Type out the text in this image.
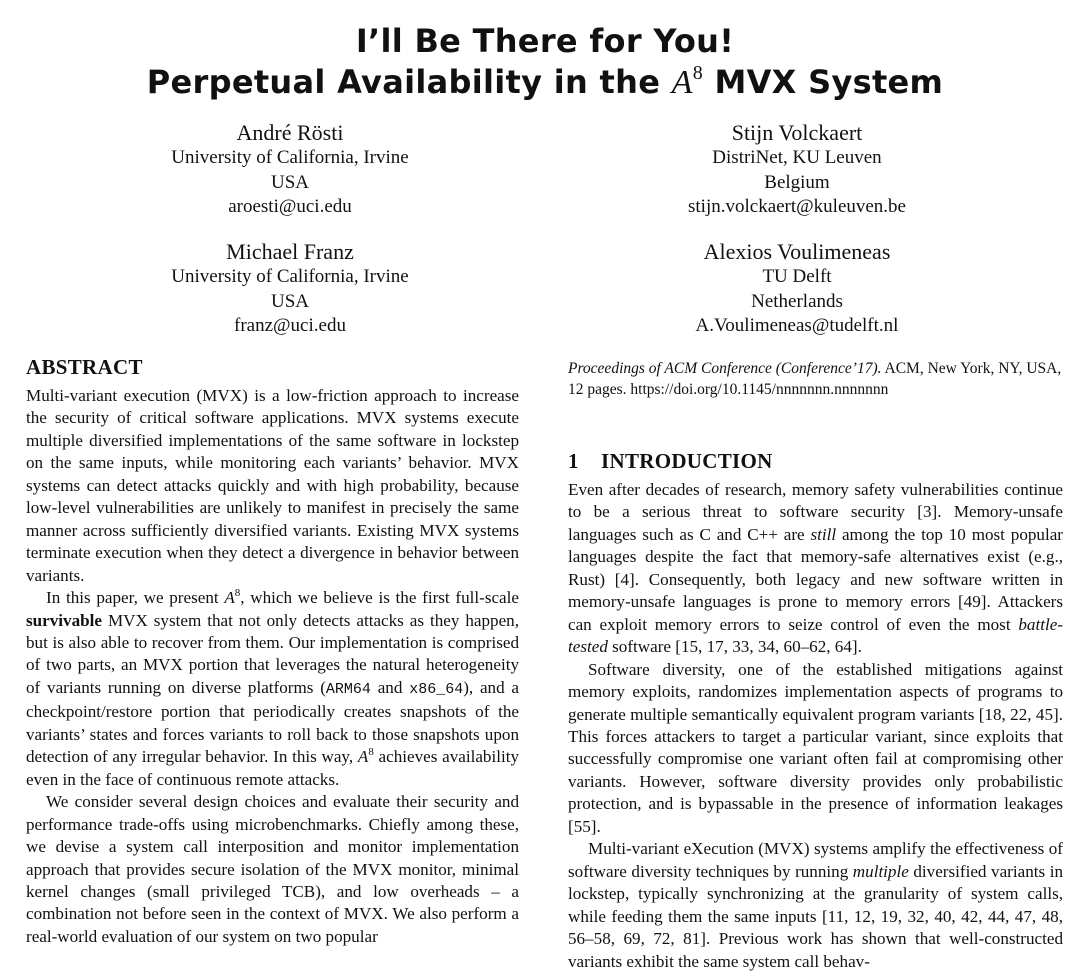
I’ll Be There for You!
Perpetual Availability in the $A^8$ MVX System
André Rösti
University of California, Irvine
USA
aroesti@uci.edu
Stijn Volckaert
DistriNet, KU Leuven
Belgium
stijn.volckaert@kuleuven.be
Michael Franz
University of California, Irvine
USA
franz@uci.edu
Alexios Voulimeneas
TU Delft
Netherlands
A.Voulimeneas@tudelft.nl
ABSTRACT

Multi-variant execution (MVX) is a low-friction approach to increase the security of critical software applications. MVX systems execute multiple diversified implementations of the same software in lockstep on the same inputs, while monitoring each variants’ behavior. MVX systems can detect attacks quickly and with high probability, because low-level vulnerabilities are unlikely to manifest in precisely the same manner across sufficiently diversified variants. Existing MVX systems terminate execution when they detect a divergence in behavior between variants.

In this paper, we present $A^8$, which we believe is the first full-scale survivable MVX system that not only detects attacks as they happen, but is also able to recover from them. Our implementation is comprised of two parts, an MVX portion that leverages the natural heterogeneity of variants running on diverse platforms (ARM64 and x86_64), and a checkpoint/restore portion that periodically creates snapshots of the variants’ states and forces variants to roll back to those snapshots upon detection of any irregular behavior. In this way, $A^8$ achieves availability even in the face of continuous remote attacks.

We consider several design choices and evaluate their security and performance trade-offs using microbenchmarks. Chiefly among these, we devise a system call interposition and monitor implementation approach that provides secure isolation of the MVX monitor, minimal kernel changes (small privileged TCB), and low overheads – a combination not before seen in the context of MVX. We also perform a real-world evaluation of our system on two popular

Proceedings of ACM Conference (Conference’17). ACM, New York, NY, USA, 12 pages. https://doi.org/10.1145/nnnnnnn.nnnnnnn
1    INTRODUCTION

Even after decades of research, memory safety vulnerabilities continue to be a serious threat to software security [3]. Memory-unsafe languages such as C and C++ are still among the top 10 most popular languages despite the fact that memory-safe alternatives exist (e.g., Rust) [4]. Consequently, both legacy and new software written in memory-unsafe languages is prone to memory errors [49]. Attackers can exploit memory errors to seize control of even the most battle-tested software [15, 17, 33, 34, 60–62, 64].

Software diversity, one of the established mitigations against memory exploits, randomizes implementation aspects of programs to generate multiple semantically equivalent program variants [18, 22, 45]. This forces attackers to target a particular variant, since exploits that successfully compromise one variant often fail at compromising other variants. However, software diversity provides only probabilistic protection, and is bypassable in the presence of information leakages [55].

Multi-variant eXecution (MVX) systems amplify the effectiveness of software diversity techniques by running multiple diversified variants in lockstep, typically synchronizing at the granularity of system calls, while feeding them the same inputs [11, 12, 19, 32, 40, 42, 44, 47, 48, 56–58, 69, 72, 81]. Previous work has shown that well-constructed variants exhibit the same system call behav-
